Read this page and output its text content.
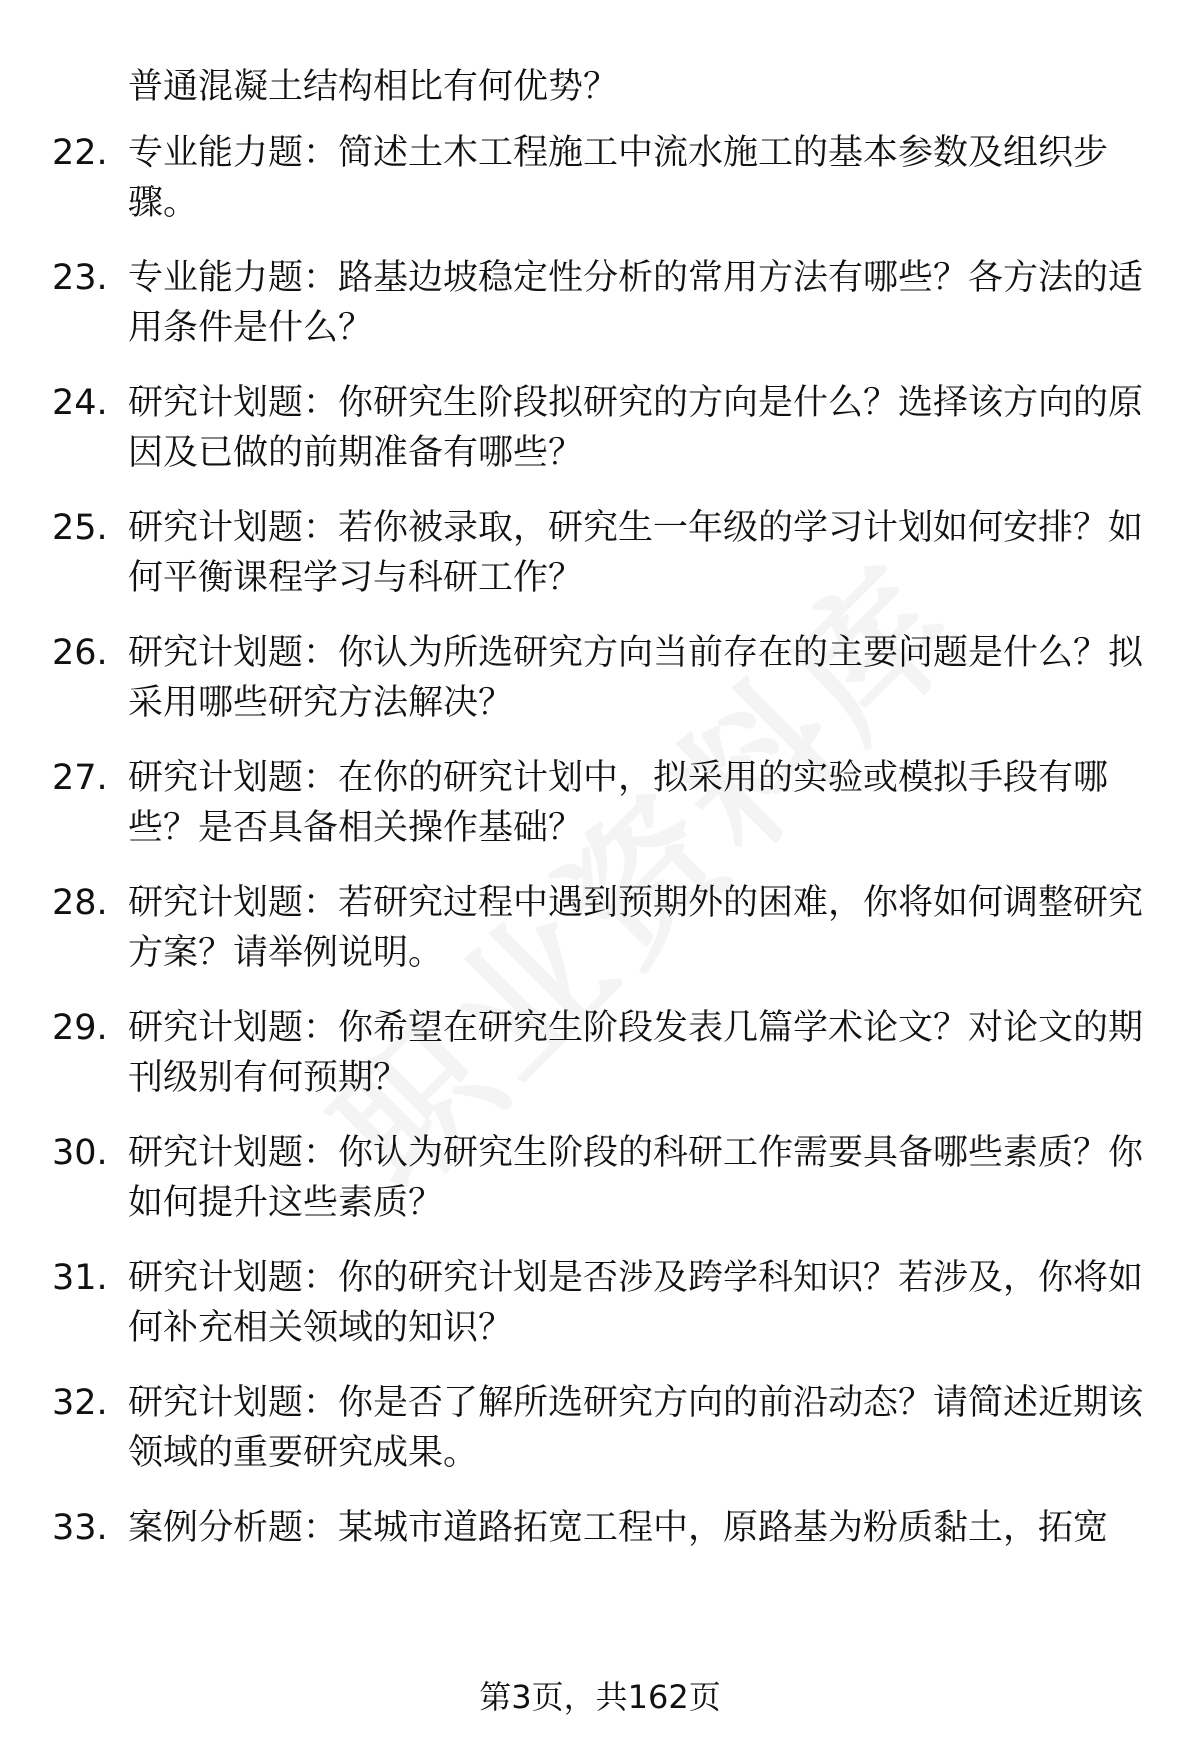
普通混凝土结构相比有何优势？
22. 专业能力题：简述土木工程施工中流水施工的基本参数及组织步骤。
23. 专业能力题：路基边坡稳定性分析的常用方法有哪些？各方法的适用条件是什么？
24. 研究计划题：你研究生阶段拟研究的方向是什么？选择该方向的原因及已做的前期准备有哪些？
25. 研究计划题：若你被录取，研究生一年级的学习计划如何安排？如何平衡课程学习与科研工作？
26. 研究计划题：你认为所选研究方向当前存在的主要问题是什么？拟采用哪些研究方法解决？
27. 研究计划题：在你的研究计划中，拟采用的实验或模拟手段有哪些？是否具备相关操作基础？
28. 研究计划题：若研究过程中遇到预期外的困难，你将如何调整研究方案？请举例说明。
29. 研究计划题：你希望在研究生阶段发表几篇学术论文？对论文的期刊级别有何预期？
30. 研究计划题：你认为研究生阶段的科研工作需要具备哪些素质？你如何提升这些素质？
31. 研究计划题：你的研究计划是否涉及跨学科知识？若涉及，你将如何补充相关领域的知识？
32. 研究计划题：你是否了解所选研究方向的前沿动态？请简述近期该领域的重要研究成果。
33. 案例分析题：某城市道路拓宽工程中，原路基为粉质黏土，拓宽
第3页，共162页
